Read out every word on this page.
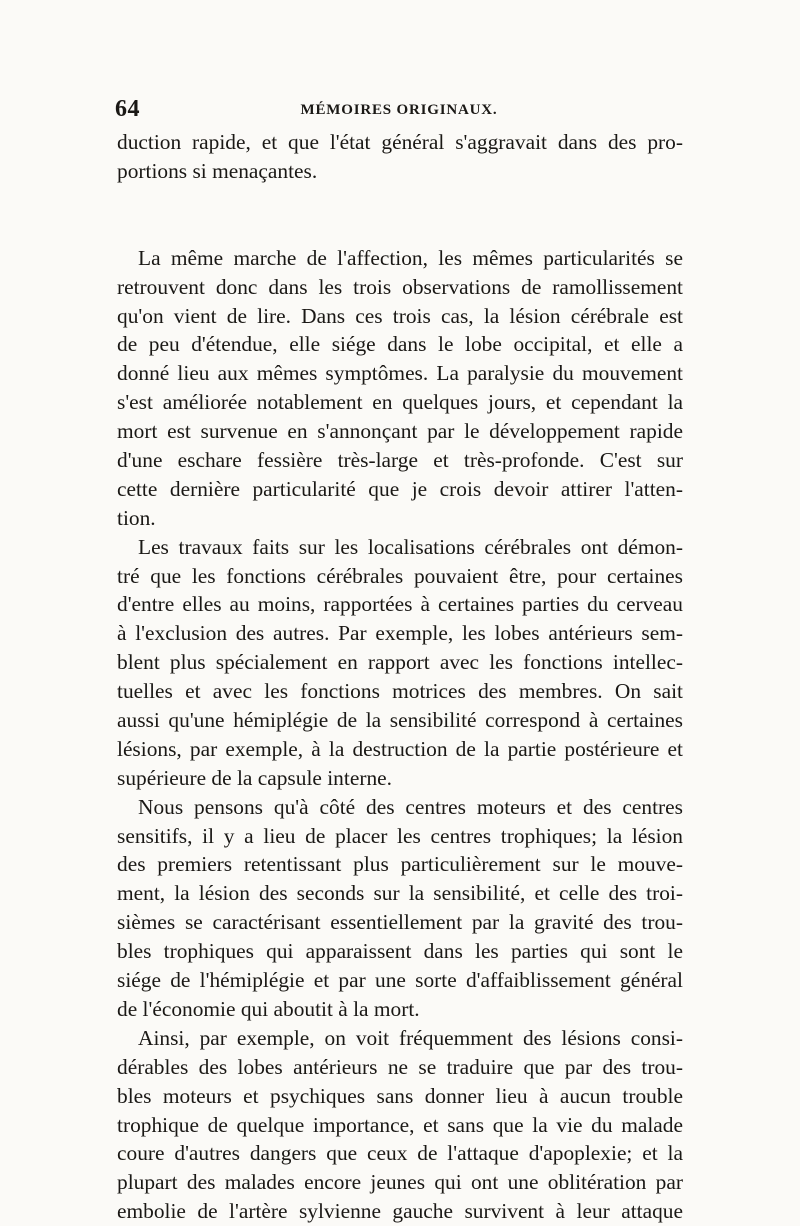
64	MÉMOIRES ORIGINAUX.
duction rapide, et que l'état général s'aggravait dans des pro-
portions si menaçantes.
La même marche de l'affection, les mêmes particularités se
retrouvent donc dans les trois observations de ramollissement
qu'on vient de lire. Dans ces trois cas, la lésion cérébrale est
de peu d'étendue, elle siége dans le lobe occipital, et elle a
donné lieu aux mêmes symptômes. La paralysie du mouvement
s'est améliorée notablement en quelques jours, et cependant la
mort est survenue en s'annonçant par le développement rapide
d'une eschare fessière très-large et très-profonde. C'est sur
cette dernière particularité que je crois devoir attirer l'atten-
tion.
Les travaux faits sur les localisations cérébrales ont démon-
tré que les fonctions cérébrales pouvaient être, pour certaines
d'entre elles au moins, rapportées à certaines parties du cerveau
à l'exclusion des autres. Par exemple, les lobes antérieurs sem-
blent plus spécialement en rapport avec les fonctions intellec-
tuelles et avec les fonctions motrices des membres. On sait
aussi qu'une hémiplégie de la sensibilité correspond à certaines
lésions, par exemple, à la destruction de la partie postérieure et
supérieure de la capsule interne.
Nous pensons qu'à côté des centres moteurs et des centres
sensitifs, il y a lieu de placer les centres trophiques; la lésion
des premiers retentissant plus particulièrement sur le mouve-
ment, la lésion des seconds sur la sensibilité, et celle des troi-
sièmes se caractérisant essentiellement par la gravité des trou-
bles trophiques qui apparaissent dans les parties qui sont le
siége de l'hémiplégie et par une sorte d'affaiblissement général
de l'économie qui aboutit à la mort.
Ainsi, par exemple, on voit fréquemment des lésions consi-
dérables des lobes antérieurs ne se traduire que par des trou-
bles moteurs et psychiques sans donner lieu à aucun trouble
trophique de quelque importance, et sans que la vie du malade
coure d'autres dangers que ceux de l'attaque d'apoplexie; et la
plupart des malades encore jeunes qui ont une oblitération par
embolie de l'artère sylvienne gauche survivent à leur attaque
